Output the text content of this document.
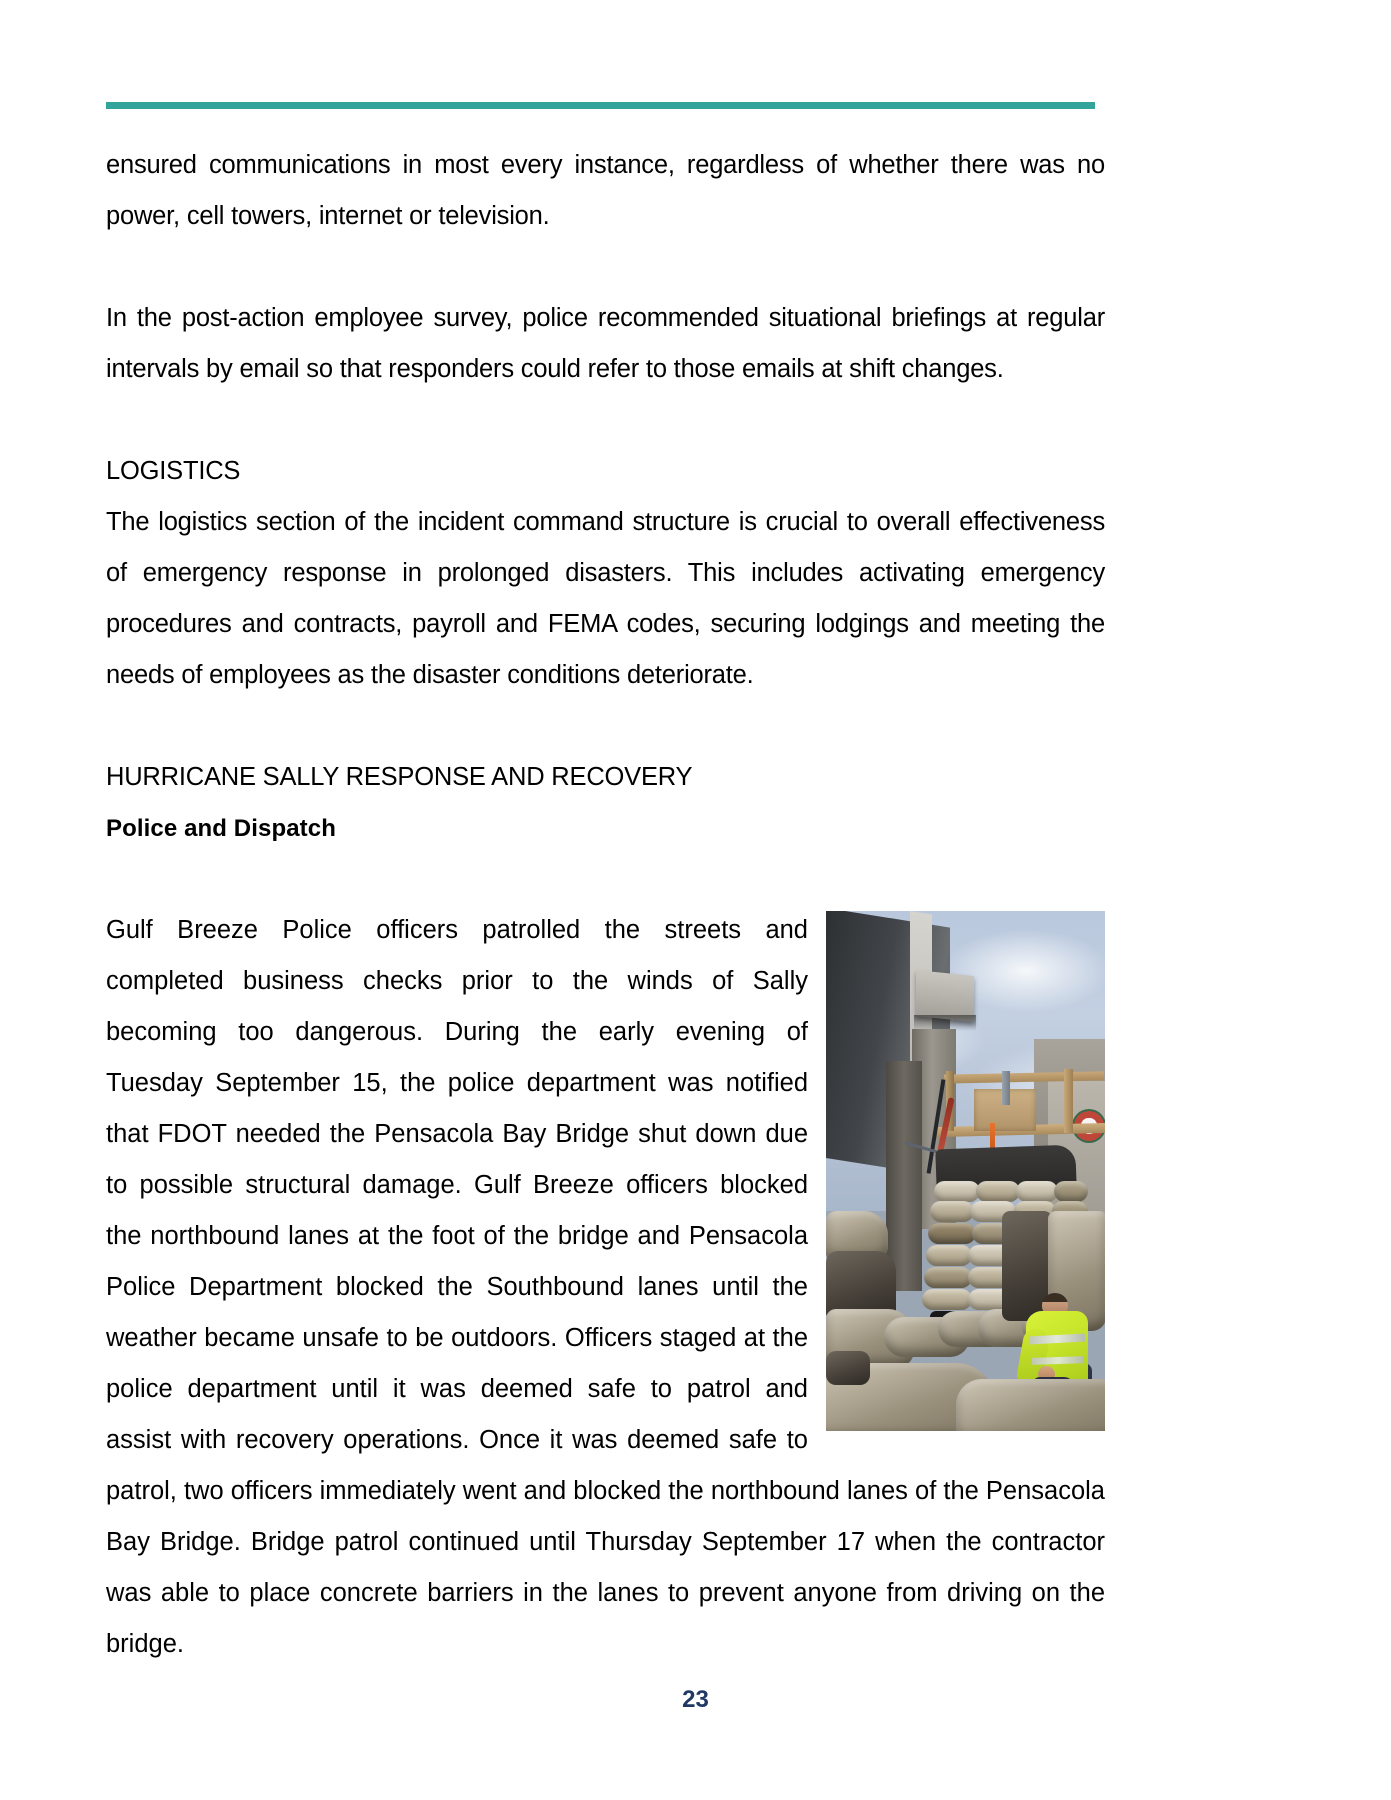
ensured communications in most every instance, regardless of whether there was no power, cell towers, internet or television.

In the post-action employee survey, police recommended situational briefings at regular intervals by email so that responders could refer to those emails at shift changes.

LOGISTICS

The logistics section of the incident command structure is crucial to overall effectiveness of emergency response in prolonged disasters. This includes activating emergency procedures and contracts, payroll and FEMA codes, securing lodgings and meeting the needs of employees as the disaster conditions deteriorate.

HURRICANE SALLY RESPONSE AND RECOVERY
Police and Dispatch
Gulf Breeze Police officers patrolled the streets and completed business checks prior to the winds of Sally becoming too dangerous. During the early evening of Tuesday September 15, the police department was notified that FDOT needed the Pensacola Bay Bridge shut down due to possible structural damage. Gulf Breeze officers blocked the northbound lanes at the foot of the bridge and Pensacola Police Department blocked the Southbound lanes until the weather became unsafe to be outdoors. Officers staged at the police department until it was deemed safe to patrol and assist with recovery operations. Once it was deemed safe to patrol, two officers immediately went and blocked the northbound lanes of the Pensacola Bay Bridge. Bridge patrol continued until Thursday September 17 when the contractor was able to place concrete barriers in the lanes to prevent anyone from driving on the bridge.
23
